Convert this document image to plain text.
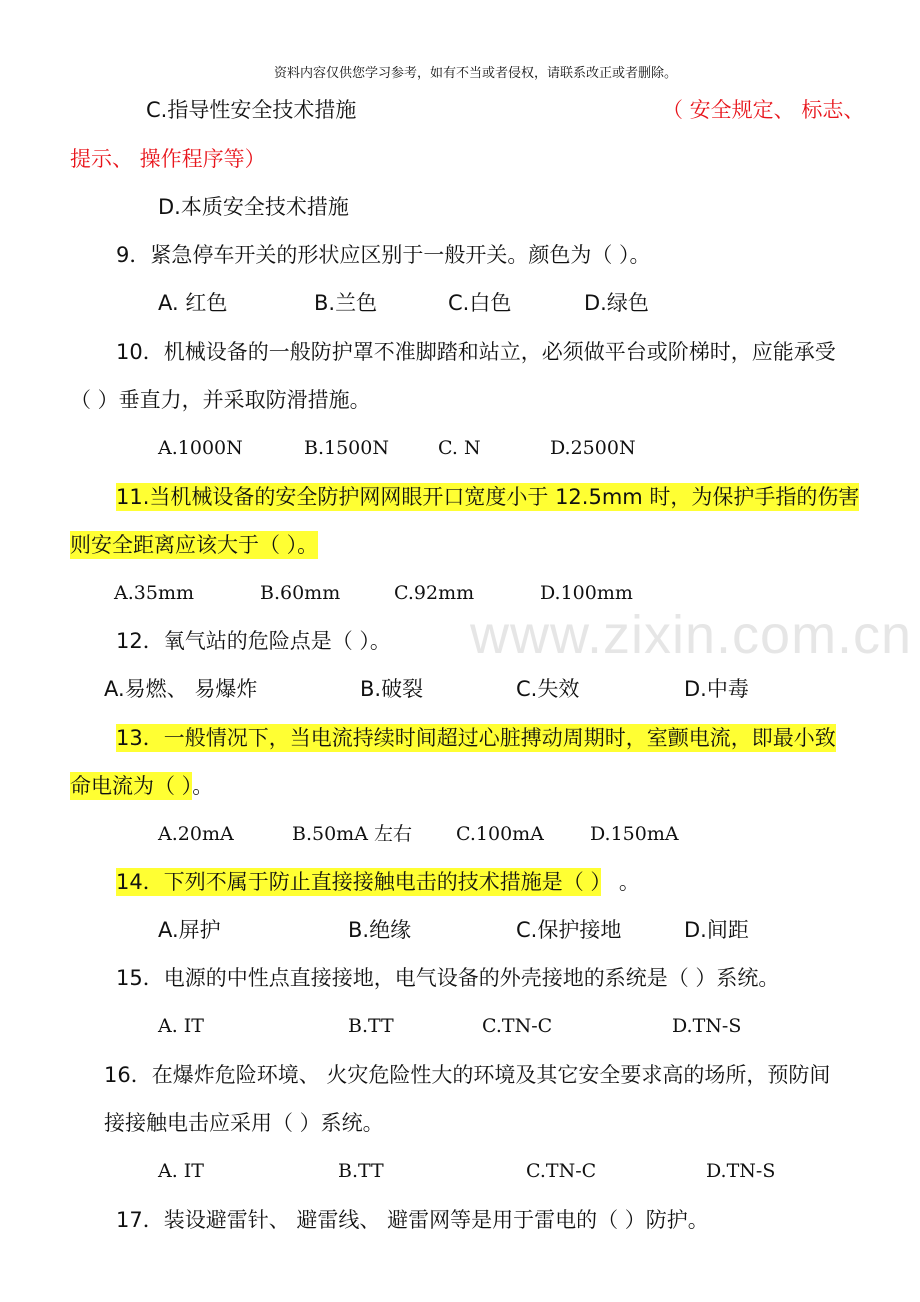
资料内容仅供您学习参考，如有不当或者侵权，请联系改正或者删除。
www.zixin.com.cn
C.指导性安全技术措施	（ 安全规定、 标志、
提示、 操作程序等）
D.本质安全技术措施
9．紧急停车开关的形状应区别于一般开关。颜色为（ ）。
A. 红色	B.兰色	C.白色	D.绿色
10．机械设备的一般防护罩不准脚踏和站立，必须做平台或阶梯时，应能承受
（ ）垂直力，并采取防滑措施。
A.1000N	B.1500N	C. N	D.2500N
11.当机械设备的安全防护网网眼开口宽度小于 12.5mm 时，为保护手指的伤害
则安全距离应该大于（ ）。
A.35mm	B.60mm	C.92mm	D.100mm
12．氧气站的危险点是（ ）。
A.易燃、 易爆炸	B.破裂	C.失效	D.中毒
13．一般情况下，当电流持续时间超过心脏搏动周期时，室颤电流，即最小致
命电流为（ ）。
A.20mA	B.50mA 左右 C.100mA D.150mA
14．下列不属于防止直接接触电击的技术措施是（ ） 。
A.屏护	B.绝缘	C.保护接地	D.间距
15．电源的中性点直接接地，电气设备的外壳接地的系统是（ ）系统。
A. IT	B.TT	C.TN-C	D.TN-S
16．在爆炸危险环境、 火灾危险性大的环境及其它安全要求高的场所，预防间
接接触电击应采用（ ）系统。
A. IT	B.TT	C.TN-C	D.TN-S
17．装设避雷针、 避雷线、 避雷网等是用于雷电的（ ）防护。
